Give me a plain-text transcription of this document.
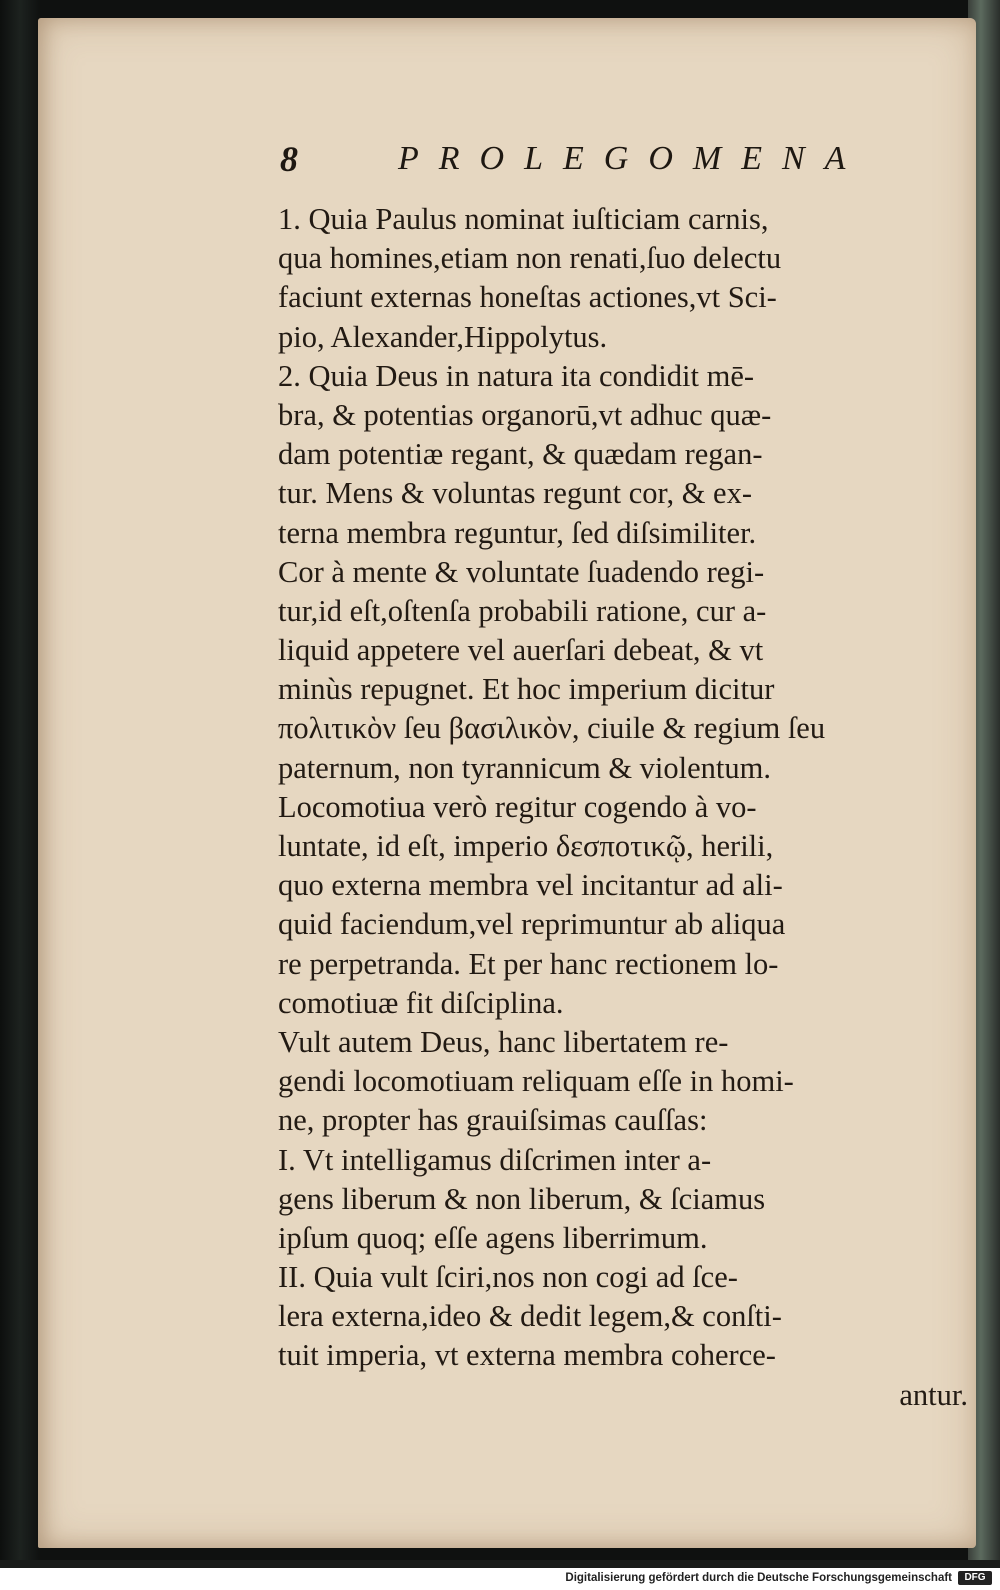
8	PROLEGOMENA
1. Quia Paulus nominat iuſticiam carnis,
qua homines,etiam non renati,ſuo delectu
faciunt externas honeſtas actiones,vt Sci-
pio, Alexander,Hippolytus.
2. Quia Deus in natura ita condidit mē-
bra, & potentias organorū,vt adhuc quæ-
dam potentiæ regant, & quædam regan-
tur. Mens & voluntas regunt cor, & ex-
terna membra reguntur, ſed diſsimiliter.
Cor à mente & voluntate ſuadendo regi-
tur,id eſt,oſtenſa probabili ratione, cur a-
liquid appetere vel auerſari debeat, & vt
minùs repugnet. Et hoc imperium dicitur
πολιτικὸν ſeu βασιλικὸν, ciuile & regium ſeu
paternum, non tyrannicum & violentum.
Locomotiua verò regitur cogendo à vo-
luntate, id eſt, imperio δεσποτικῷ, herili,
quo externa membra vel incitantur ad ali-
quid faciendum,vel reprimuntur ab aliqua
re perpetranda. Et per hanc rectionem lo-
comotiuæ fit diſciplina.
Vult autem Deus, hanc libertatem re-
gendi locomotiuam reliquam eſſe in homi-
ne, propter has grauiſsimas cauſſas:
I. Vt intelligamus diſcrimen inter a-
gens liberum & non liberum, & ſciamus
ipſum quoq; eſſe agens liberrimum.
II. Quia vult ſciri,nos non cogi ad ſce-
lera externa,ideo & dedit legem,& conſti-
tuit imperia, vt externa membra coherce-
antur.
Digitalisierung gefördert durch die Deutsche Forschungsgemeinschaft	DFG
